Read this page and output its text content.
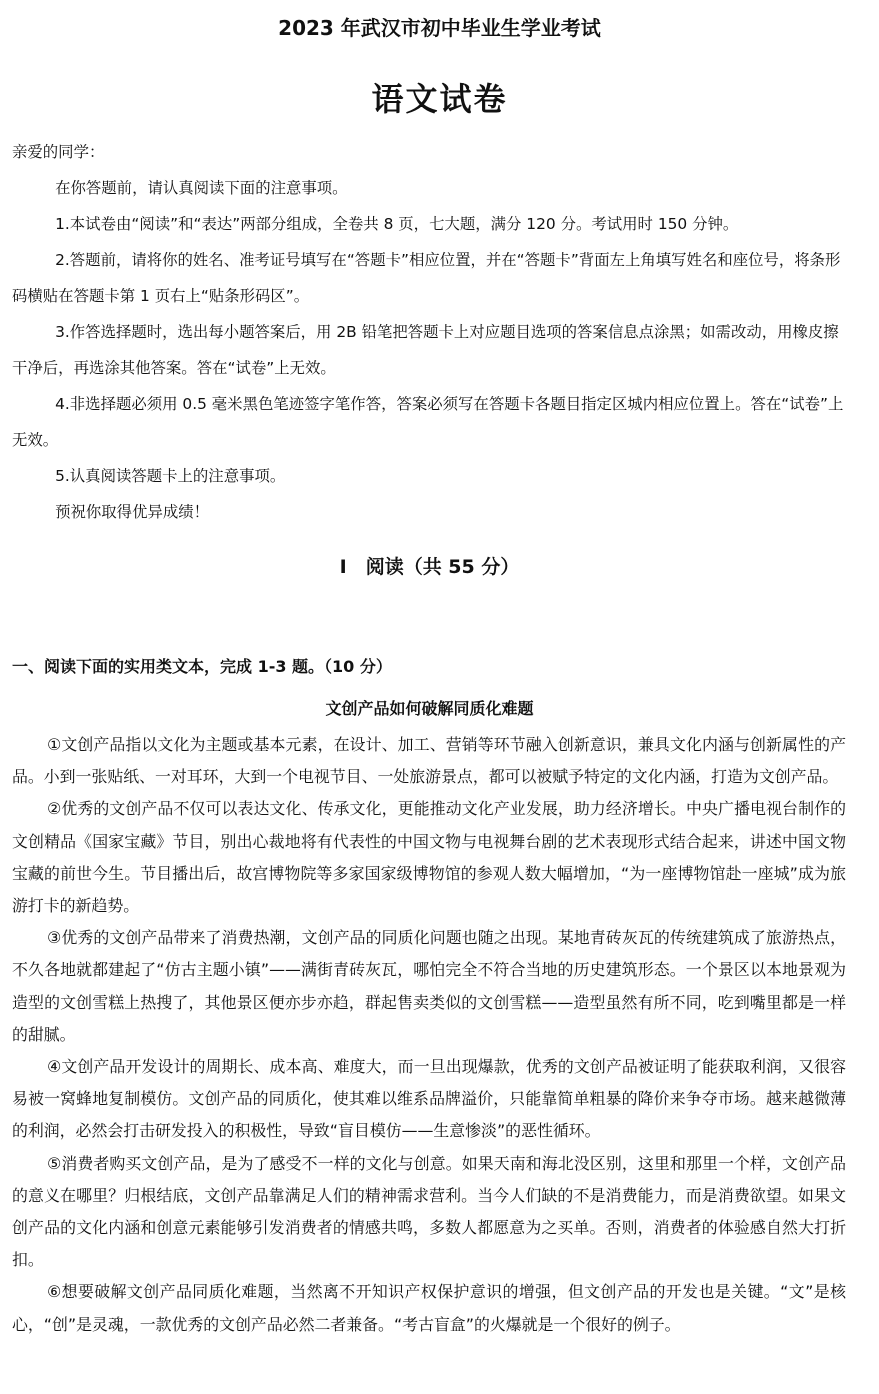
2023 年武汉市初中毕业生学业考试
语文试卷

亲爱的同学：

在你答题前，请认真阅读下面的注意事项。

1.本试卷由“阅读”和“表达”两部分组成，全卷共 8 页，七大题，满分 120 分。考试用时 150 分钟。

2.答题前，请将你的姓名、准考证号填写在“答题卡”相应位置，并在“答题卡”背面左上角填写姓名和座位号，将条形码横贴在答题卡第 1 页右上“贴条形码区”。

3.作答选择题时，选出每小题答案后，用 2B 铅笔把答题卡上对应题目选项的答案信息点涂黑；如需改动，用橡皮擦干净后，再选涂其他答案。答在“试卷”上无效。

4.非选择题必须用 0.5 毫米黑色笔迹签字笔作答，答案必须写在答题卡各题目指定区城内相应位置上。答在“试卷”上无效。

5.认真阅读答题卡上的注意事项。

预祝你取得优异成绩！

Ⅰ　阅读（共 55 分）
一、阅读下面的实用类文本，完成 1-3 题。（10 分）
文创产品如何破解同质化难题

①文创产品指以文化为主题或基本元素，在设计、加工、营销等环节融入创新意识，兼具文化内涵与创新属性的产品。小到一张贴纸、一对耳环，大到一个电视节目、一处旅游景点，都可以被赋予特定的文化内涵，打造为文创产品。

②优秀的文创产品不仅可以表达文化、传承文化，更能推动文化产业发展，助力经济增长。中央广播电视台制作的文创精品《国家宝藏》节目，别出心裁地将有代表性的中国文物与电视舞台剧的艺术表现形式结合起来，讲述中国文物宝藏的前世今生。节目播出后，故宫博物院等多家国家级博物馆的参观人数大幅增加，“为一座博物馆赴一座城”成为旅游打卡的新趋势。

③优秀的文创产品带来了消费热潮，文创产品的同质化问题也随之出现。某地青砖灰瓦的传统建筑成了旅游热点，不久各地就都建起了“仿古主题小镇”——满街青砖灰瓦，哪怕完全不符合当地的历史建筑形态。一个景区以本地景观为造型的文创雪糕上热搜了，其他景区便亦步亦趋，群起售卖类似的文创雪糕——造型虽然有所不同，吃到嘴里都是一样的甜腻。

④文创产品开发设计的周期长、成本高、难度大，而一旦出现爆款，优秀的文创产品被证明了能获取利润，又很容易被一窝蜂地复制模仿。文创产品的同质化，使其难以维系品牌溢价，只能靠简单粗暴的降价来争夺市场。越来越微薄的利润，必然会打击研发投入的积极性，导致“盲目模仿——生意惨淡”的恶性循环。

⑤消费者购买文创产品，是为了感受不一样的文化与创意。如果天南和海北没区别，这里和那里一个样，文创产品的意义在哪里？归根结底，文创产品靠满足人们的精神需求营利。当今人们缺的不是消费能力，而是消费欲望。如果文创产品的文化内涵和创意元素能够引发消费者的情感共鸣，多数人都愿意为之买单。否则，消费者的体验感自然大打折扣。

⑥想要破解文创产品同质化难题，当然离不开知识产权保护意识的增强，但文创产品的开发也是关键。“文”是核心，“创”是灵魂，一款优秀的文创产品必然二者兼备。“考古盲盒”的火爆就是一个很好的例子。
